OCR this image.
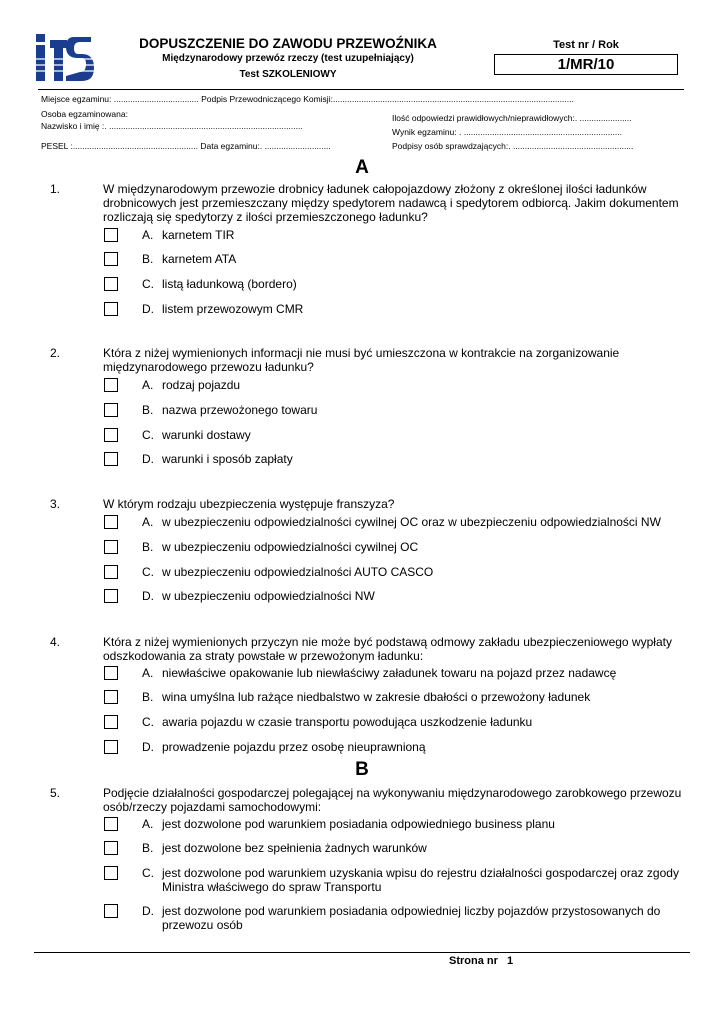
DOPUSZCZENIE DO ZAWODU PRZEWOŹNIKA
Międzynarodowy przewóz rzeczy (test uzupełniający)
Test SZKOLENIOWY
Test nr / Rok
1/MR/10
Miejsce egzaminu: .................................... Podpis Przewodniczącego Komisji:......................................................................................................
Osoba egzaminowana:
Nazwisko i imię :. ..................................................................................
PESEL :..................................................... Data egzaminu:. ............................
Ilość odpowiedzi prawidłowych/nieprawidłowych:. ......................
Wynik egzaminu: . ...................................................................
Podpisy osób sprawdzających:. ...................................................
A
1.	W międzynarodowym przewozie drobnicy ładunek całopojazdowy złożony z określonej ilości ładunków drobnicowych jest przemieszczany między spedytorem nadawcą i spedytorem odbiorcą. Jakim dokumentem rozliczają się spedytorzy z ilości przemieszczonego ładunku?
A. karnetem TIR
B. karnetem ATA
C. listą ładunkową (bordero)
D. listem przewozowym CMR
2.	Która z niżej wymienionych informacji nie musi być umieszczona w kontrakcie na zorganizowanie międzynarodowego przewozu ładunku?
A. rodzaj pojazdu
B. nazwa przewożonego towaru
C. warunki dostawy
D. warunki i sposób zapłaty
3.	W którym rodzaju ubezpieczenia występuje franszyza?
A. w ubezpieczeniu odpowiedzialności cywilnej OC oraz w ubezpieczeniu odpowiedzialności NW
B. w ubezpieczeniu odpowiedzialności cywilnej OC
C. w ubezpieczeniu odpowiedzialności AUTO CASCO
D. w ubezpieczeniu odpowiedzialności NW
4.	Która z niżej wymienionych przyczyn nie może być podstawą odmowy zakładu ubezpieczeniowego wypłaty odszkodowania za straty powstałe w przewożonym ładunku:
A. niewłaściwe opakowanie lub niewłaściwy załadunek towaru na pojazd przez nadawcę
B. wina umyślna lub rażące niedbalstwo w zakresie dbałości o przewożony ładunek
C. awaria pojazdu w czasie transportu powodująca uszkodzenie ładunku
D. prowadzenie pojazdu przez osobę nieuprawnioną
B
5.	Podjęcie działalności gospodarczej polegającej na wykonywaniu międzynarodowego zarobkowego przewozu osób/rzeczy pojazdami samochodowymi:
A. jest dozwolone pod warunkiem posiadania odpowiedniego business planu
B. jest dozwolone bez spełnienia żadnych warunków
C. jest dozwolone pod warunkiem uzyskania wpisu do rejestru działalności gospodarczej oraz zgody Ministra właściwego do spraw Transportu
D. jest dozwolone pod warunkiem posiadania odpowiedniej liczby pojazdów przystosowanych do przewozu osób
Strona nr   1
